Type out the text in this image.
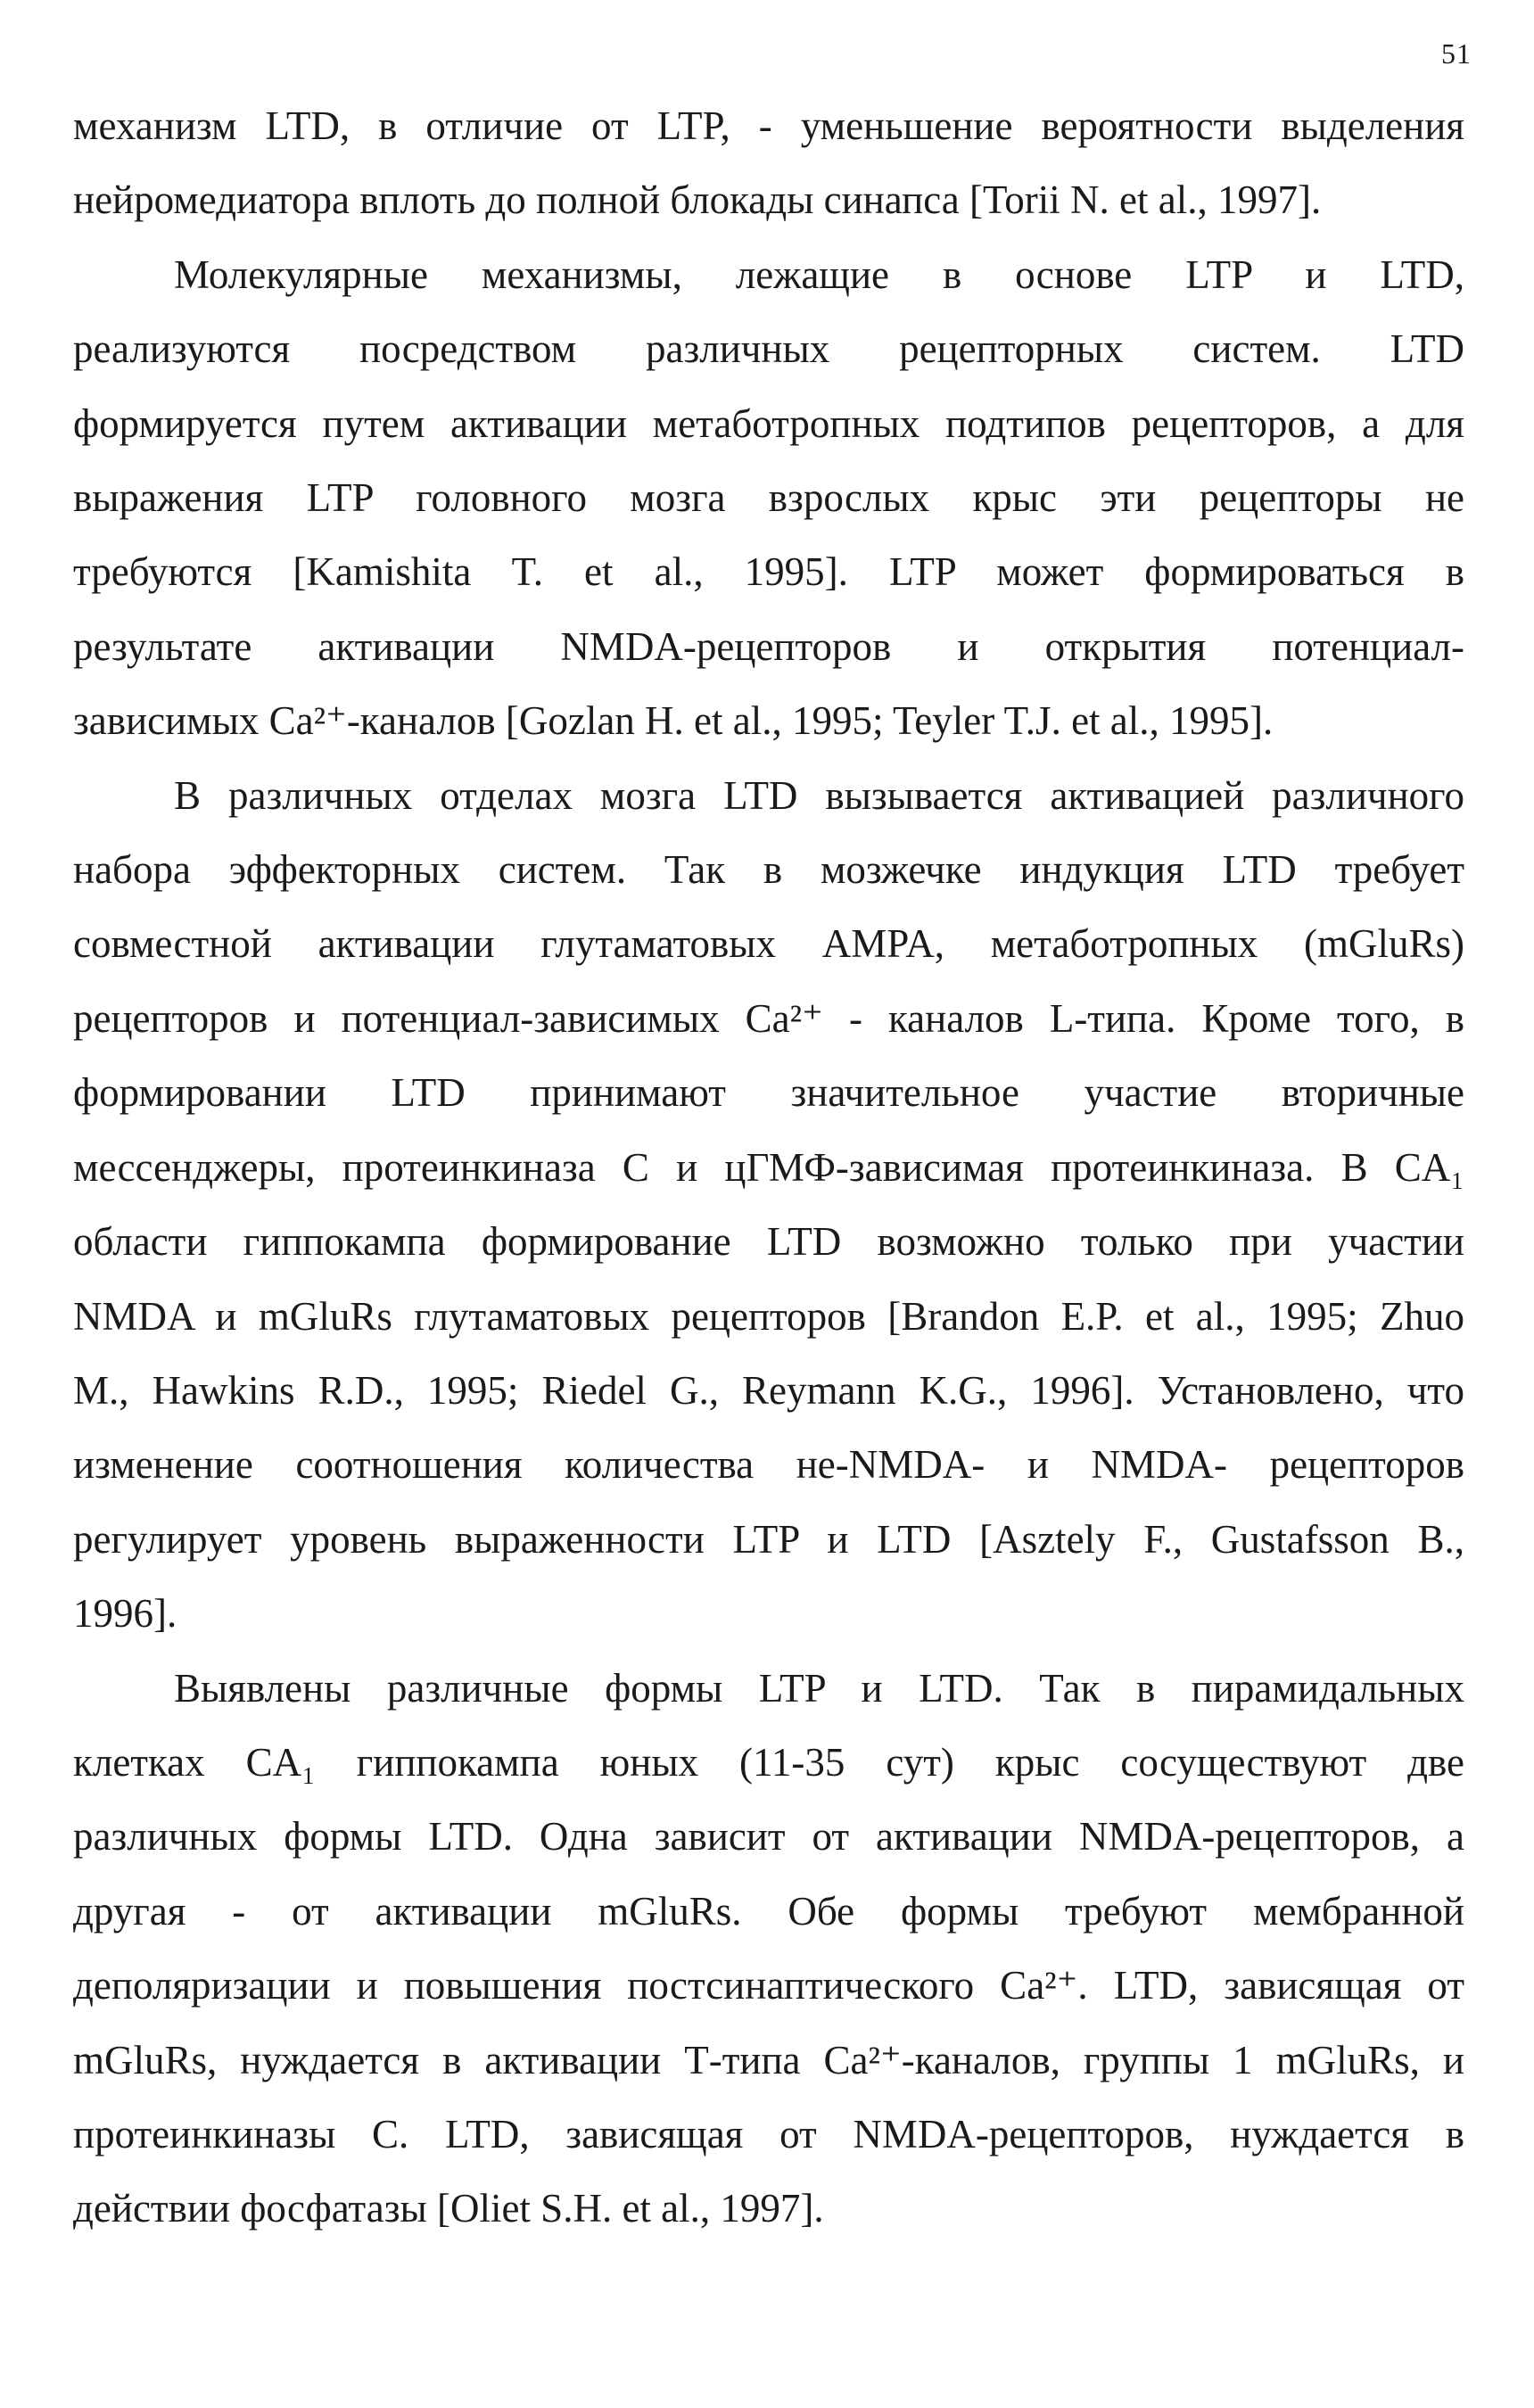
51
механизм LTD, в отличие от LTP, - уменьшение вероятности выделения
нейромедиатора вплоть до полной блокады синапса [Torii N. et al., 1997].
Молекулярные механизмы, лежащие в основе LTP и LTD,
реализуются посредством различных рецепторных систем. LTD
формируется путем активации метаботропных подтипов рецепторов, а для
выражения LTP головного мозга взрослых крыс эти рецепторы не
требуются [Kamishita T. et al., 1995]. LTP может формироваться в
результате активации NMDA-рецепторов и открытия потенциал-
зависимых Ca²⁺-каналов [Gozlan H. et al., 1995; Teyler T.J. et al., 1995].
В различных отделах мозга LTD вызывается активацией различного
набора эффекторных систем. Так в мозжечке индукция LTD требует
совместной активации глутаматовых AMPA, метаботропных (mGluRs)
рецепторов и потенциал-зависимых Ca²⁺ - каналов L-типа. Кроме того, в
формировании LTD принимают значительное участие вторичные
мессенджеры, протеинкиназа С и цГМФ-зависимая протеинкиназа. В CA₁
области гиппокампа формирование LTD возможно только при участии
NMDA и mGluRs глутаматовых рецепторов [Brandon E.P. et al., 1995; Zhuo
M., Hawkins R.D., 1995; Riedel G., Reymann K.G., 1996]. Установлено, что
изменение соотношения количества не-NMDA- и NMDA- рецепторов
регулирует уровень выраженности LTP и LTD [Asztely F., Gustafsson B.,
1996].
Выявлены различные формы LTP и LTD. Так в пирамидальных
клетках CA₁ гиппокампа юных (11-35 сут) крыс сосуществуют две
различных формы LTD. Одна зависит от активации NMDA-рецепторов, а
другая - от активации mGluRs. Обе формы требуют мембранной
деполяризации и повышения постсинаптического Ca²⁺. LTD, зависящая от
mGluRs, нуждается в активации Т-типа Ca²⁺-каналов, группы 1 mGluRs, и
протеинкиназы С. LTD, зависящая от NMDA-рецепторов, нуждается в
действии фосфатазы [Oliet S.H. et al., 1997].
